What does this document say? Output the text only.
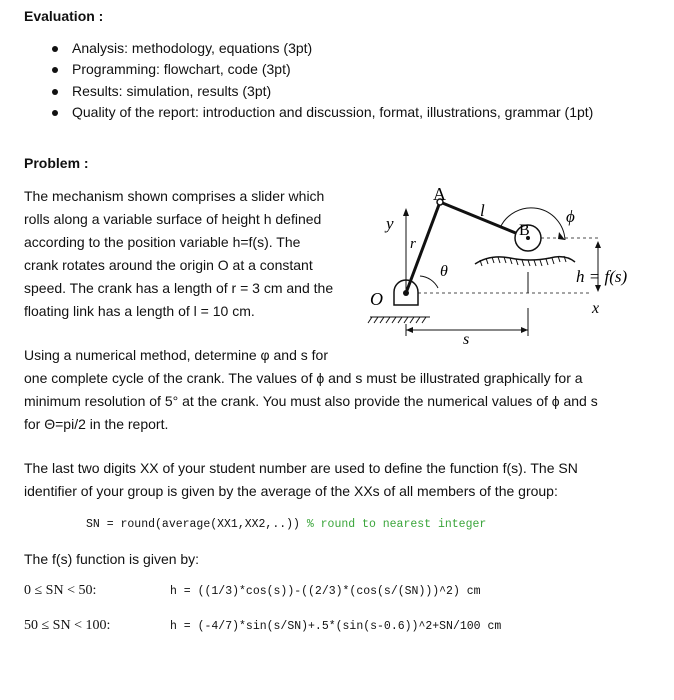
Evaluation :
Analysis: methodology, equations (3pt)
Programming: flowchart, code (3pt)
Results: simulation, results (3pt)
Quality of the report: introduction and discussion, format, illustrations, grammar (1pt)
Problem :
The mechanism shown comprises a slider which
rolls along a variable surface of height h defined
according to the position variable h=f(s). The
crank rotates around the origin O at a constant
speed. The crank has a length of r = 3 cm and the
floating link has a length of l = 10 cm.
A
l	ϕ
y	B
r
θ
O
h = f(s)
x
s
Using a numerical method, determine φ and s for
one complete cycle of the crank. The values of ϕ and s must be illustrated graphically for a
minimum resolution of 5° at the crank. You must also provide the numerical values of ϕ and s
for Θ=pi/2 in the report.
The last two digits XX of your student number are used to define the function f(s). The SN
identifier of your group is given by the average of the XXs of all members of the group:
SN = round(average(XX1,XX2,..)) % round to nearest integer
The f(s) function is given by:
0 ≤ SN < 50:	h = ((1/3)*cos(s))-((2/3)*(cos(s/(SN)))^2) cm
50 ≤ SN < 100:	h = (-4/7)*sin(s/SN)+.5*(sin(s-0.6))^2+SN/100 cm
